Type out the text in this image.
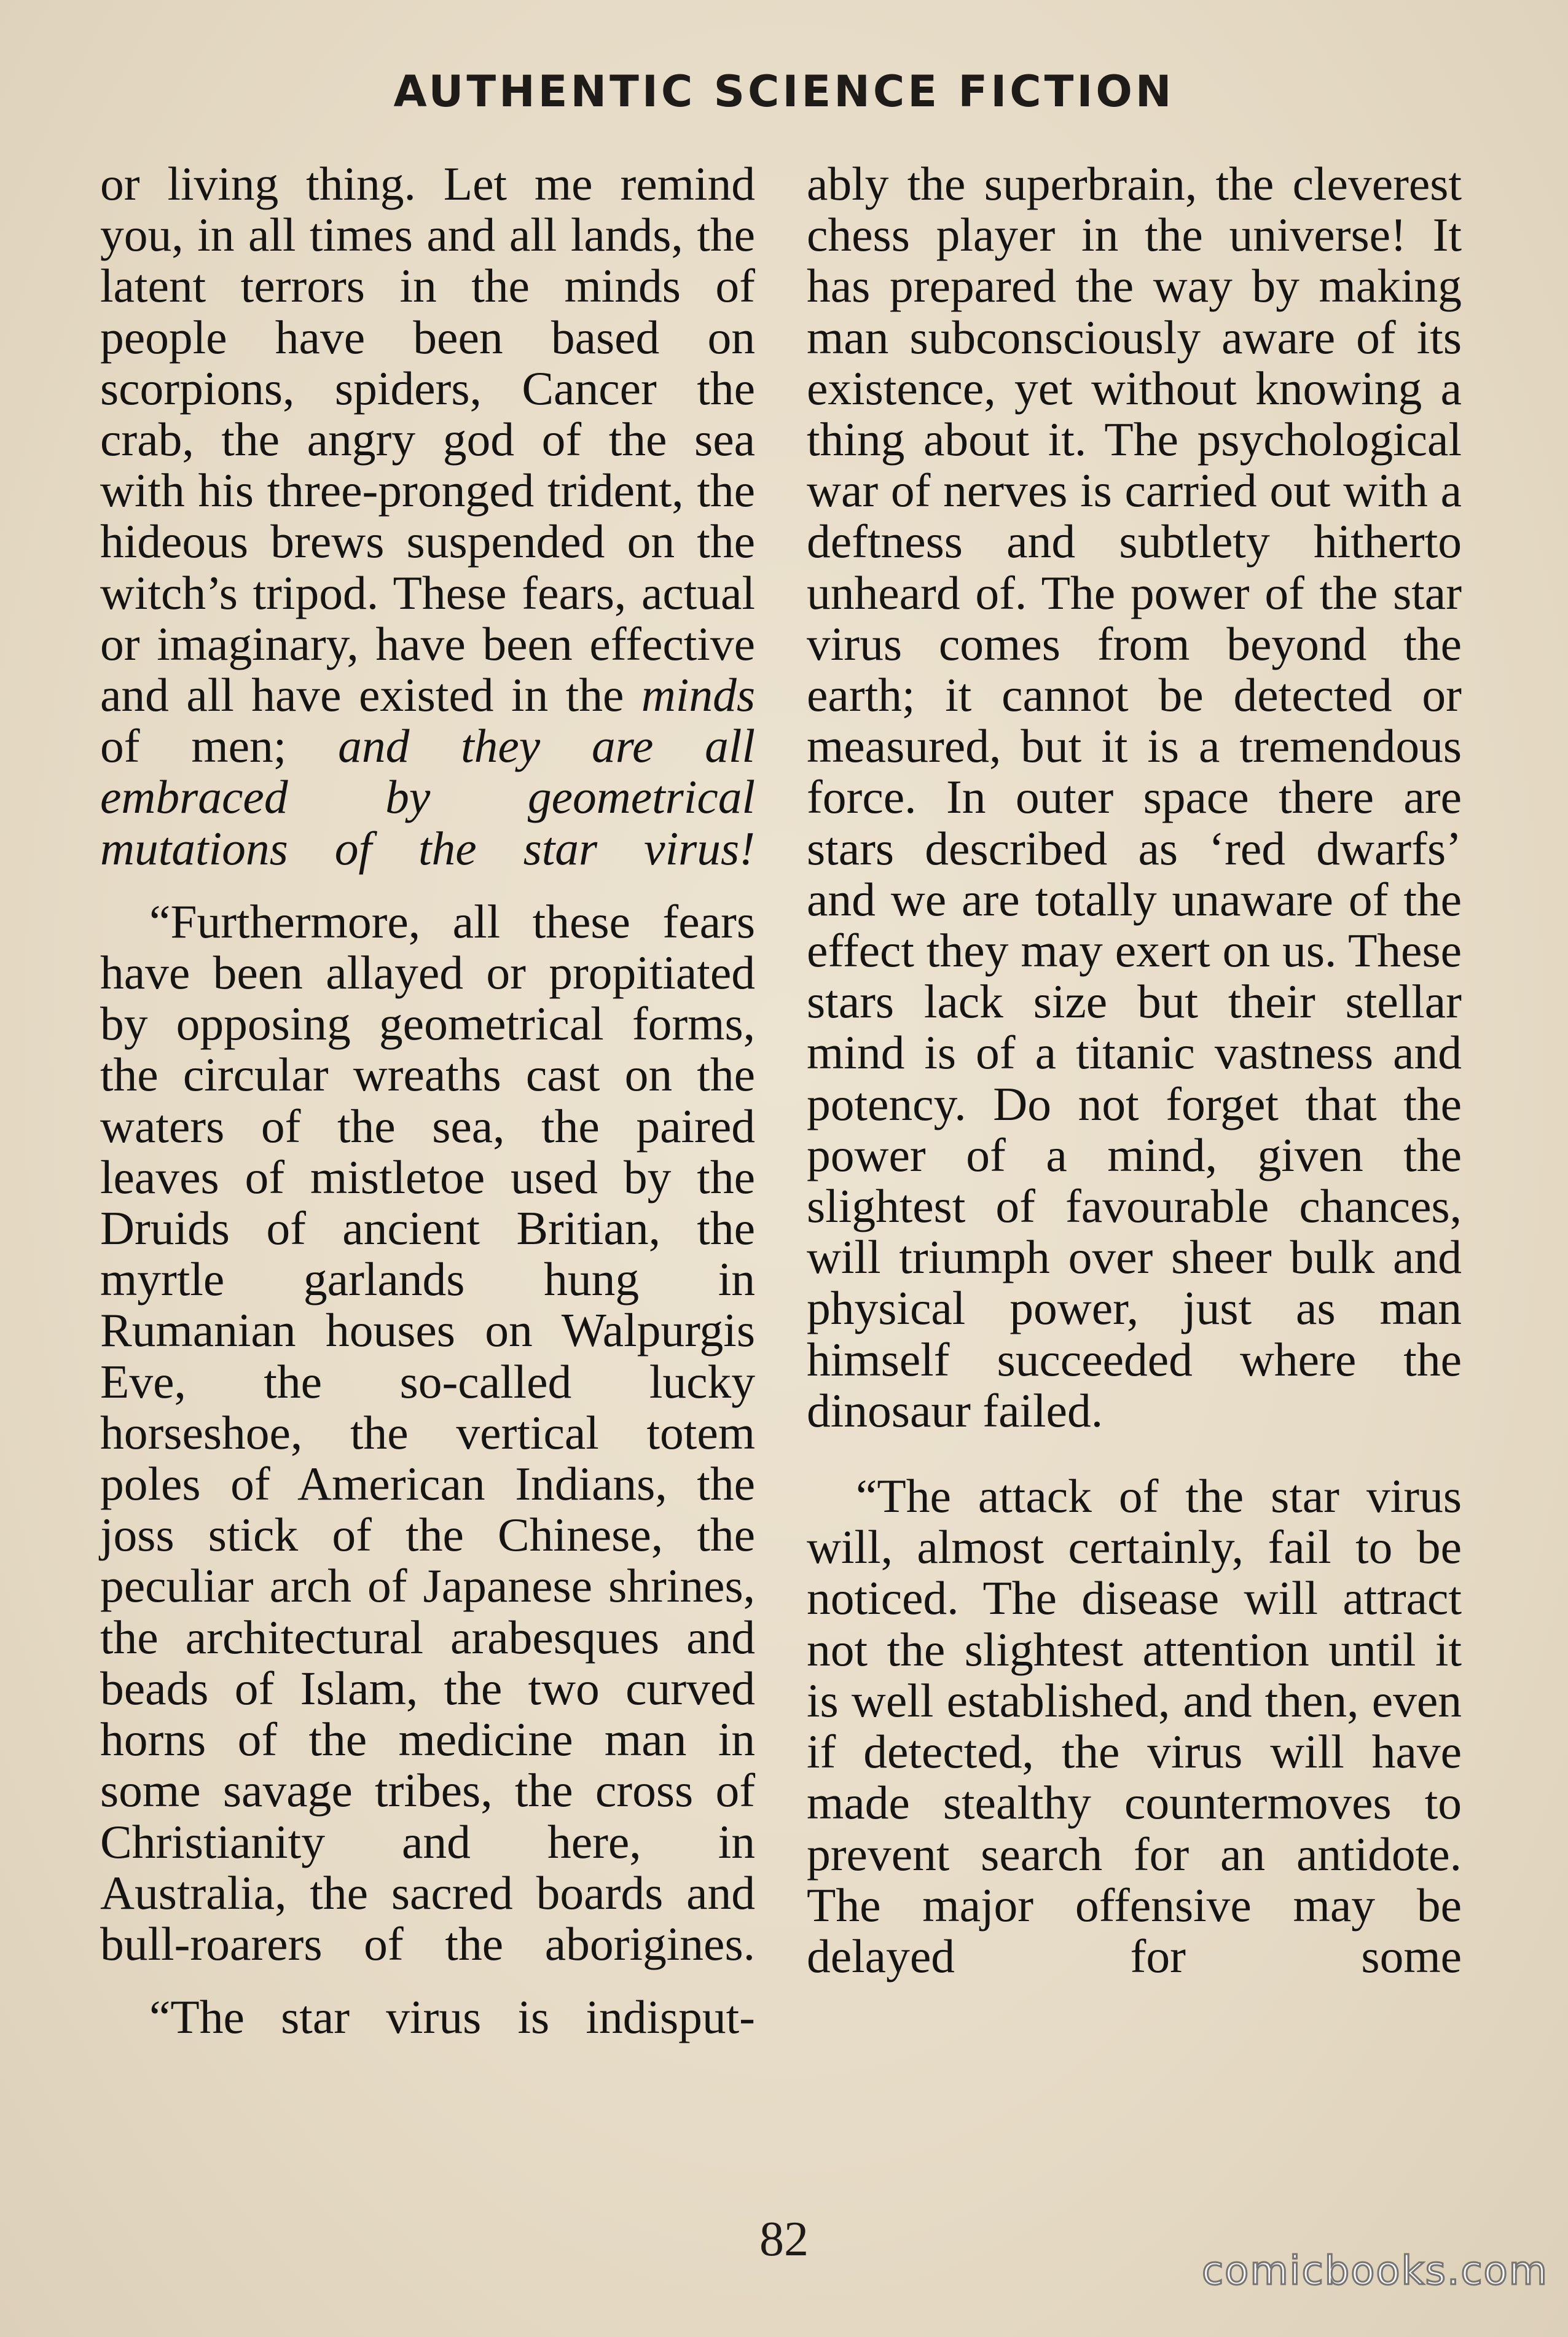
AUTHENTIC SCIENCE FICTION

or living thing. Let me remind you, in all times and all lands, the latent terrors in the minds of people have been based on scorpions, spiders, Cancer the crab, the angry god of the sea with his three-pronged trident, the hideous brews suspended on the witch’s tripod. These fears, actual or imaginary, have been effective and all have existed in the minds of men; and they are all embraced by geometrical mutations of the star virus!

“Furthermore, all these fears have been allayed or propitiated by opposing geometrical forms, the circular wreaths cast on the waters of the sea, the paired leaves of mistletoe used by the Druids of ancient Britian, the myrtle garlands hung in Rumanian houses on Walpurgis Eve, the so-called lucky horseshoe, the vertical totem poles of American Indians, the joss stick of the Chinese, the peculiar arch of Japanese shrines, the architectural arabesques and beads of Islam, the two curved horns of the medicine man in some savage tribes, the cross of Christianity and here, in Australia, the sacred boards and bull-roarers of the aborigines.

“The star virus is indisput-

ably the superbrain, the cleverest chess player in the universe! It has prepared the way by making man subconsciously aware of its existence, yet without knowing a thing about it. The psychological war of nerves is carried out with a deftness and subtlety hitherto unheard of. The power of the star virus comes from beyond the earth; it cannot be detected or measured, but it is a tremendous force. In outer space there are stars described as ‘red dwarfs’ and we are totally unaware of the effect they may exert on us. These stars lack size but their stellar mind is of a titanic vastness and potency. Do not forget that the power of a mind, given the slightest of favourable chances, will triumph over sheer bulk and physical power, just as man himself succeeded where the dinosaur failed.

“The attack of the star virus will, almost certainly, fail to be noticed. The disease will attract not the slightest attention until it is well established, and then, even if detected, the virus will have made stealthy countermoves to prevent search for an antidote. The major offensive may be delayed for some

82

comicbooks.com
